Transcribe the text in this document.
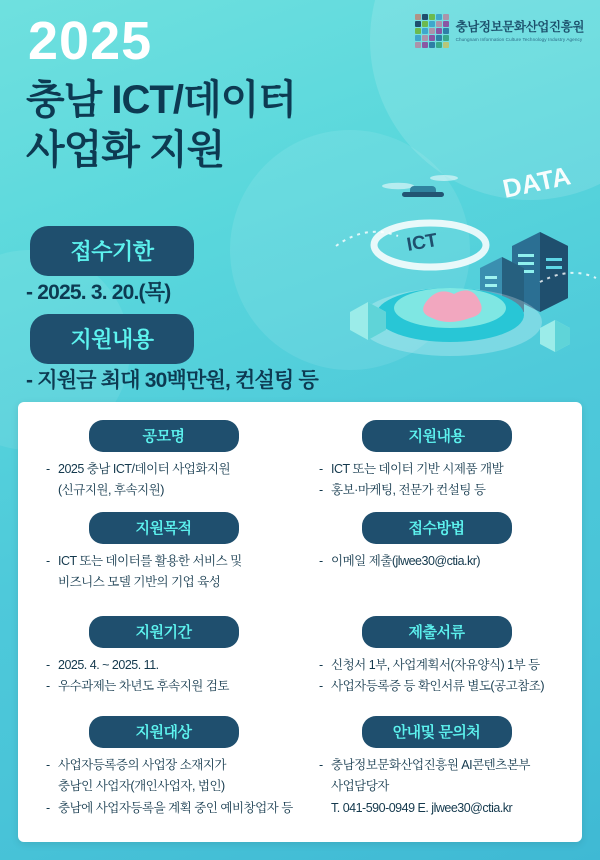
충남정보문화산업진흥원
Chungnam Information Culture Technology Industry Agency
2025
충남 ICT/데이터
사업화 지원
DATA
ICT
접수기한
- 2025. 3. 20.(목)
지원내용
- 지원금 최대 30백만원, 컨설팅 등
공모명
- 2025 충남 ICT/데이터 사업화지원
(신규지원, 후속지원)
지원내용
- ICT 또는 데이터 기반 시제품 개발
- 홍보·마케팅, 전문가 컨설팅 등
지원목적
- ICT 또는 데이터를 활용한 서비스 및
비즈니스 모델 기반의 기업 육성
접수방법
- 이메일 제출(jlwee30@ctia.kr)
지원기간
- 2025. 4. ~ 2025. 11.
- 우수과제는 차년도 후속지원 검토
제출서류
- 신청서 1부, 사업계획서(자유양식) 1부 등
- 사업자등록증 등 확인서류 별도(공고참조)
지원대상
- 사업자등록증의 사업장 소재지가
충남인 사업자(개인사업자, 법인)
- 충남에 사업자등록을 계획 중인 예비창업자 등
안내및 문의처
- 충남정보문화산업진흥원 AI콘텐츠본부
사업담당자
T. 041-590-0949 E. jlwee30@ctia.kr
